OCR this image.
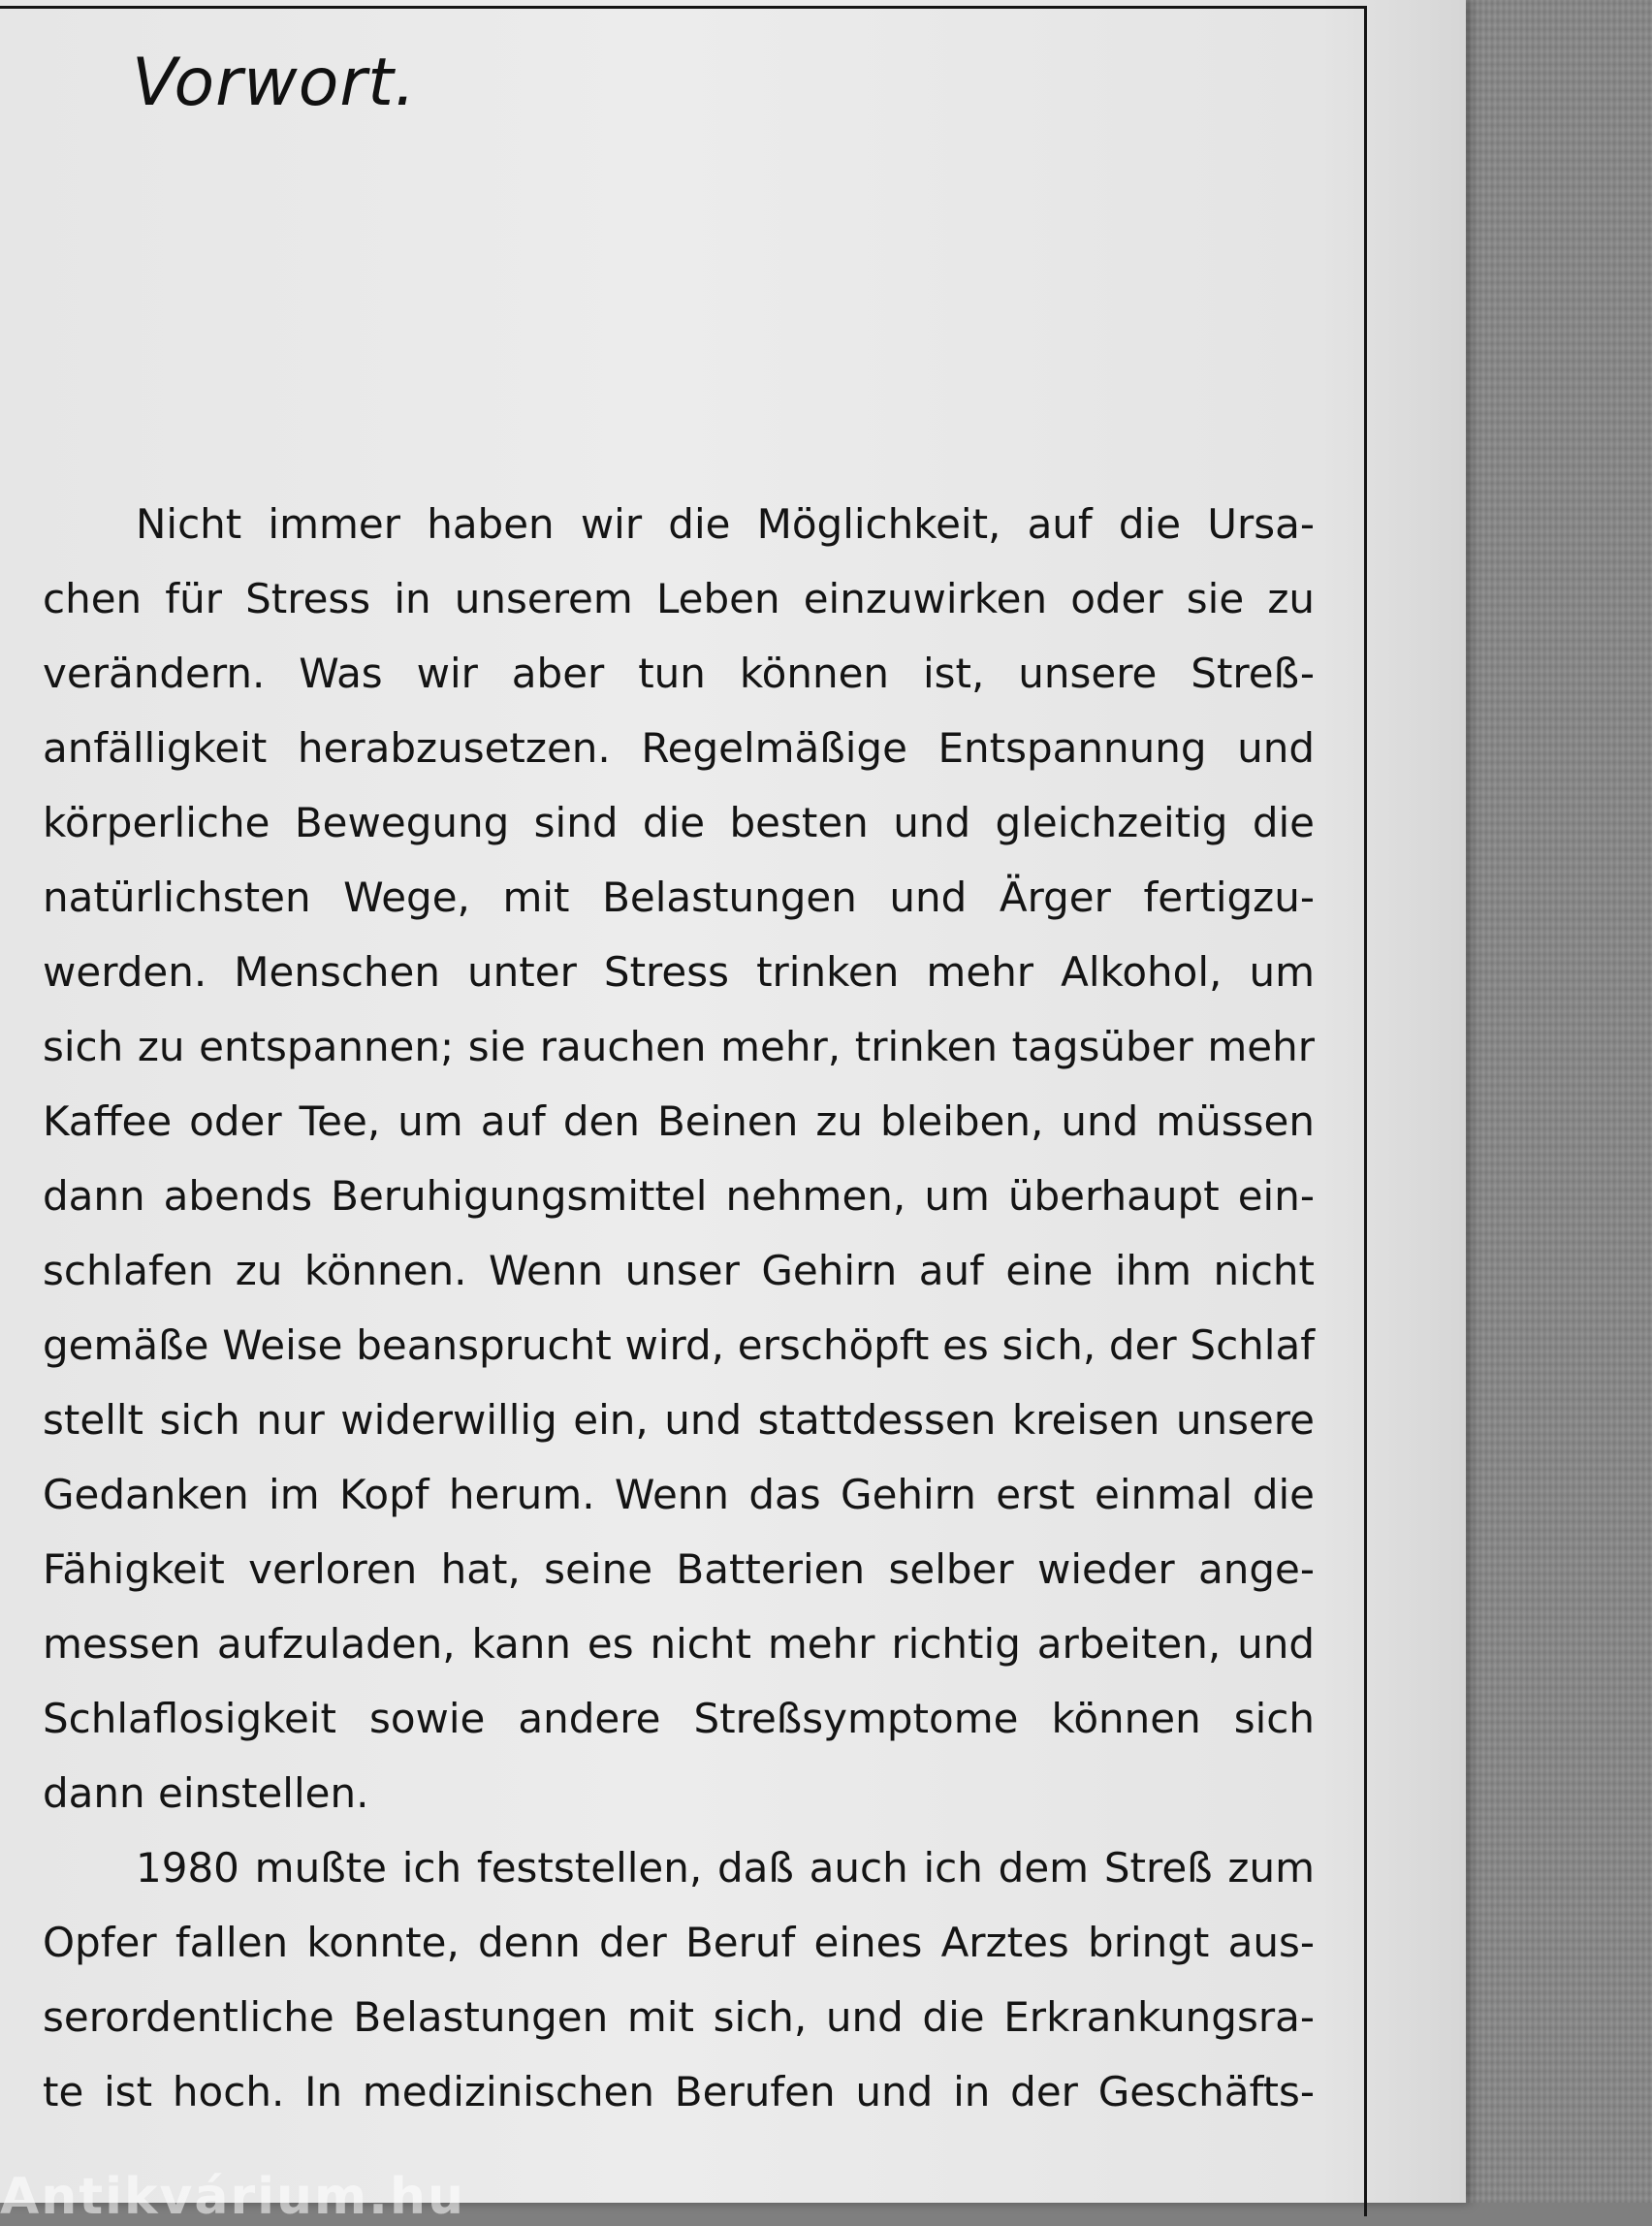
Vorwort.

Nicht immer haben wir die Möglichkeit, auf die Ursa-
chen für Stress in unserem Leben einzuwirken oder sie zu
verändern. Was wir aber tun können ist, unsere Streß-
anfälligkeit herabzusetzen. Regelmäßige Entspannung und
körperliche Bewegung sind die besten und gleichzeitig die
natürlichsten Wege, mit Belastungen und Ärger fertigzu-
werden. Menschen unter Stress trinken mehr Alkohol, um
sich zu entspannen; sie rauchen mehr, trinken tagsüber mehr
Kaffee oder Tee, um auf den Beinen zu bleiben, und müssen
dann abends Beruhigungsmittel nehmen, um überhaupt ein-
schlafen zu können. Wenn unser Gehirn auf eine ihm nicht
gemäße Weise beansprucht wird, erschöpft es sich, der Schlaf
stellt sich nur widerwillig ein, und stattdessen kreisen unsere
Gedanken im Kopf herum. Wenn das Gehirn erst einmal die
Fähigkeit verloren hat, seine Batterien selber wieder ange-
messen aufzuladen, kann es nicht mehr richtig arbeiten, und
Schlaflosigkeit sowie andere Streßsymptome können sich
dann einstellen.

1980 mußte ich feststellen, daß auch ich dem Streß zum
Opfer fallen konnte, denn der Beruf eines Arztes bringt aus-
serordentliche Belastungen mit sich, und die Erkrankungsra-
te ist hoch. In medizinischen Berufen und in der Geschäfts-

Antikvárium.hu
